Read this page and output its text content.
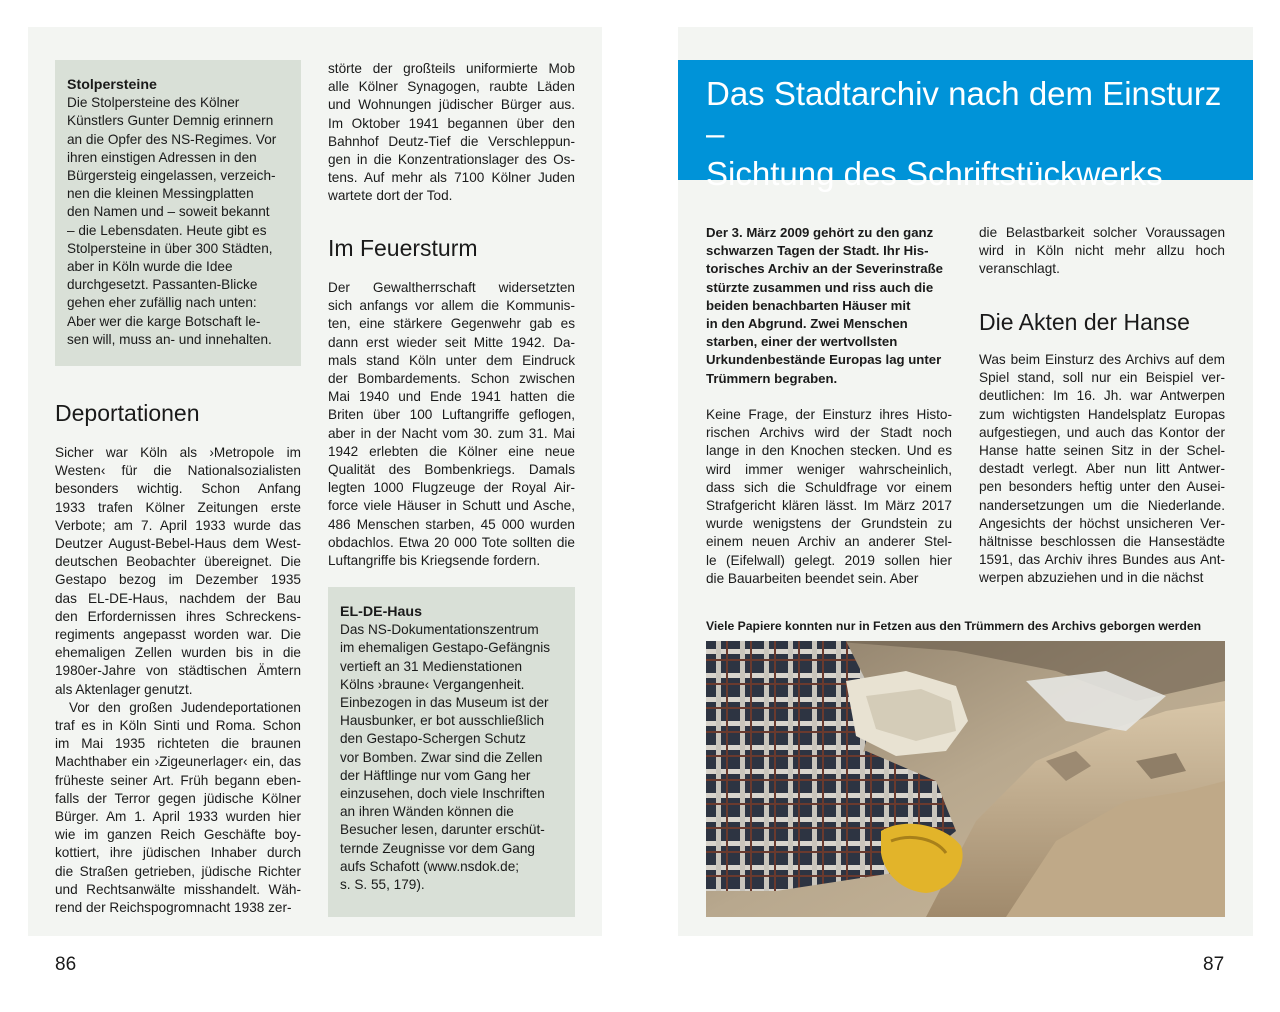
Stolpersteine
Die Stolpersteine des Kölner
Künstlers Gunter Demnig erinnern
an die Opfer des NS-Regimes. Vor
ihren einstigen Adressen in den
Bürgersteig eingelassen, verzeich-
nen die kleinen Messingplatten
den Namen und – soweit bekannt
– die Lebensdaten. Heute gibt es
Stolpersteine in über 300 Städten,
aber in Köln wurde die Idee
durchgesetzt. Passanten-Blicke
gehen eher zufällig nach unten:
Aber wer die karge Botschaft le-
sen will, muss an- und innehalten.
Deportationen
Sicher war Köln als ›Metropole im
Westen‹ für die Nationalsozialisten
besonders wichtig. Schon Anfang
1933 trafen Kölner Zeitungen erste
Verbote; am 7. April 1933 wurde das
Deutzer August-Bebel-Haus dem West-
deutschen Beobachter übereignet. Die
Gestapo bezog im Dezember 1935
das EL-DE-Haus, nachdem der Bau
den Erfordernissen ihres Schreckens-
regiments angepasst worden war. Die
ehemaligen Zellen wurden bis in die
1980er-Jahre von städtischen Ämtern
als Aktenlager genutzt.
Vor den großen Judendeportationen
traf es in Köln Sinti und Roma. Schon
im Mai 1935 richteten die braunen
Machthaber ein ›Zigeunerlager‹ ein, das
früheste seiner Art. Früh begann eben-
falls der Terror gegen jüdische Kölner
Bürger. Am 1. April 1933 wurden hier
wie im ganzen Reich Geschäfte boy-
kottiert, ihre jüdischen Inhaber durch
die Straßen getrieben, jüdische Richter
und Rechtsanwälte misshandelt. Wäh-
rend der Reichspogromnacht 1938 zer-
störte der großteils uniformierte Mob
alle Kölner Synagogen, raubte Läden
und Wohnungen jüdischer Bürger aus.
Im Oktober 1941 begannen über den
Bahnhof Deutz-Tief die Verschleppun-
gen in die Konzentrationslager des Os-
tens. Auf mehr als 7100 Kölner Juden
wartete dort der Tod.
Im Feuersturm
Der Gewaltherrschaft widersetzten
sich anfangs vor allem die Kommunis-
ten, eine stärkere Gegenwehr gab es
dann erst wieder seit Mitte 1942. Da-
mals stand Köln unter dem Eindruck
der Bombardements. Schon zwischen
Mai 1940 und Ende 1941 hatten die
Briten über 100 Luftangriffe geflogen,
aber in der Nacht vom 30. zum 31. Mai
1942 erlebten die Kölner eine neue
Qualität des Bombenkriegs. Damals
legten 1000 Flugzeuge der Royal Air-
force viele Häuser in Schutt und Asche,
486 Menschen starben, 45 000 wurden
obdachlos. Etwa 20 000 Tote sollten die
Luftangriffe bis Kriegsende fordern.
EL-DE-Haus
Das NS-Dokumentationszentrum
im ehemaligen Gestapo-Gefängnis
vertieft an 31 Medienstationen
Kölns ›braune‹ Vergangenheit.
Einbezogen in das Museum ist der
Hausbunker, er bot ausschließlich
den Gestapo-Schergen Schutz
vor Bomben. Zwar sind die Zellen
der Häftlinge nur vom Gang her
einzusehen, doch viele Inschriften
an ihren Wänden können die
Besucher lesen, darunter erschüt-
ternde Zeugnisse vor dem Gang
aufs Schafott (www.nsdok.de;
s. S. 55, 179).
86
Das Stadtarchiv nach dem Einsturz –
Sichtung des Schriftstückwerks
Der 3. März 2009 gehört zu den ganz
schwarzen Tagen der Stadt. Ihr His-
torisches Archiv an der Severinstraße
stürzte zusammen und riss auch die
beiden benachbarten Häuser mit
in den Abgrund. Zwei Menschen
starben, einer der wertvollsten
Urkundenbestände Europas lag unter
Trümmern begraben.
Keine Frage, der Einsturz ihres Histo-
rischen Archivs wird der Stadt noch
lange in den Knochen stecken. Und es
wird immer weniger wahrscheinlich,
dass sich die Schuldfrage vor einem
Strafgericht klären lässt. Im März 2017
wurde wenigstens der Grundstein zu
einem neuen Archiv an anderer Stel-
le (Eifelwall) gelegt. 2019 sollen hier
die Bauarbeiten beendet sein. Aber
die Belastbarkeit solcher Voraussagen
wird in Köln nicht mehr allzu hoch
veranschlagt.
Die Akten der Hanse
Was beim Einsturz des Archivs auf dem
Spiel stand, soll nur ein Beispiel ver-
deutlichen: Im 16. Jh. war Antwerpen
zum wichtigsten Handelsplatz Europas
aufgestiegen, und auch das Kontor der
Hanse hatte seinen Sitz in der Schel-
destadt verlegt. Aber nun litt Antwer-
pen besonders heftig unter den Ausei-
nandersetzungen um die Niederlande.
Angesichts der höchst unsicheren Ver-
hältnisse beschlossen die Hansestädte
1591, das Archiv ihres Bundes aus Ant-
werpen abzuziehen und in die nächst
Viele Papiere konnten nur in Fetzen aus den Trümmern des Archivs geborgen werden
87
